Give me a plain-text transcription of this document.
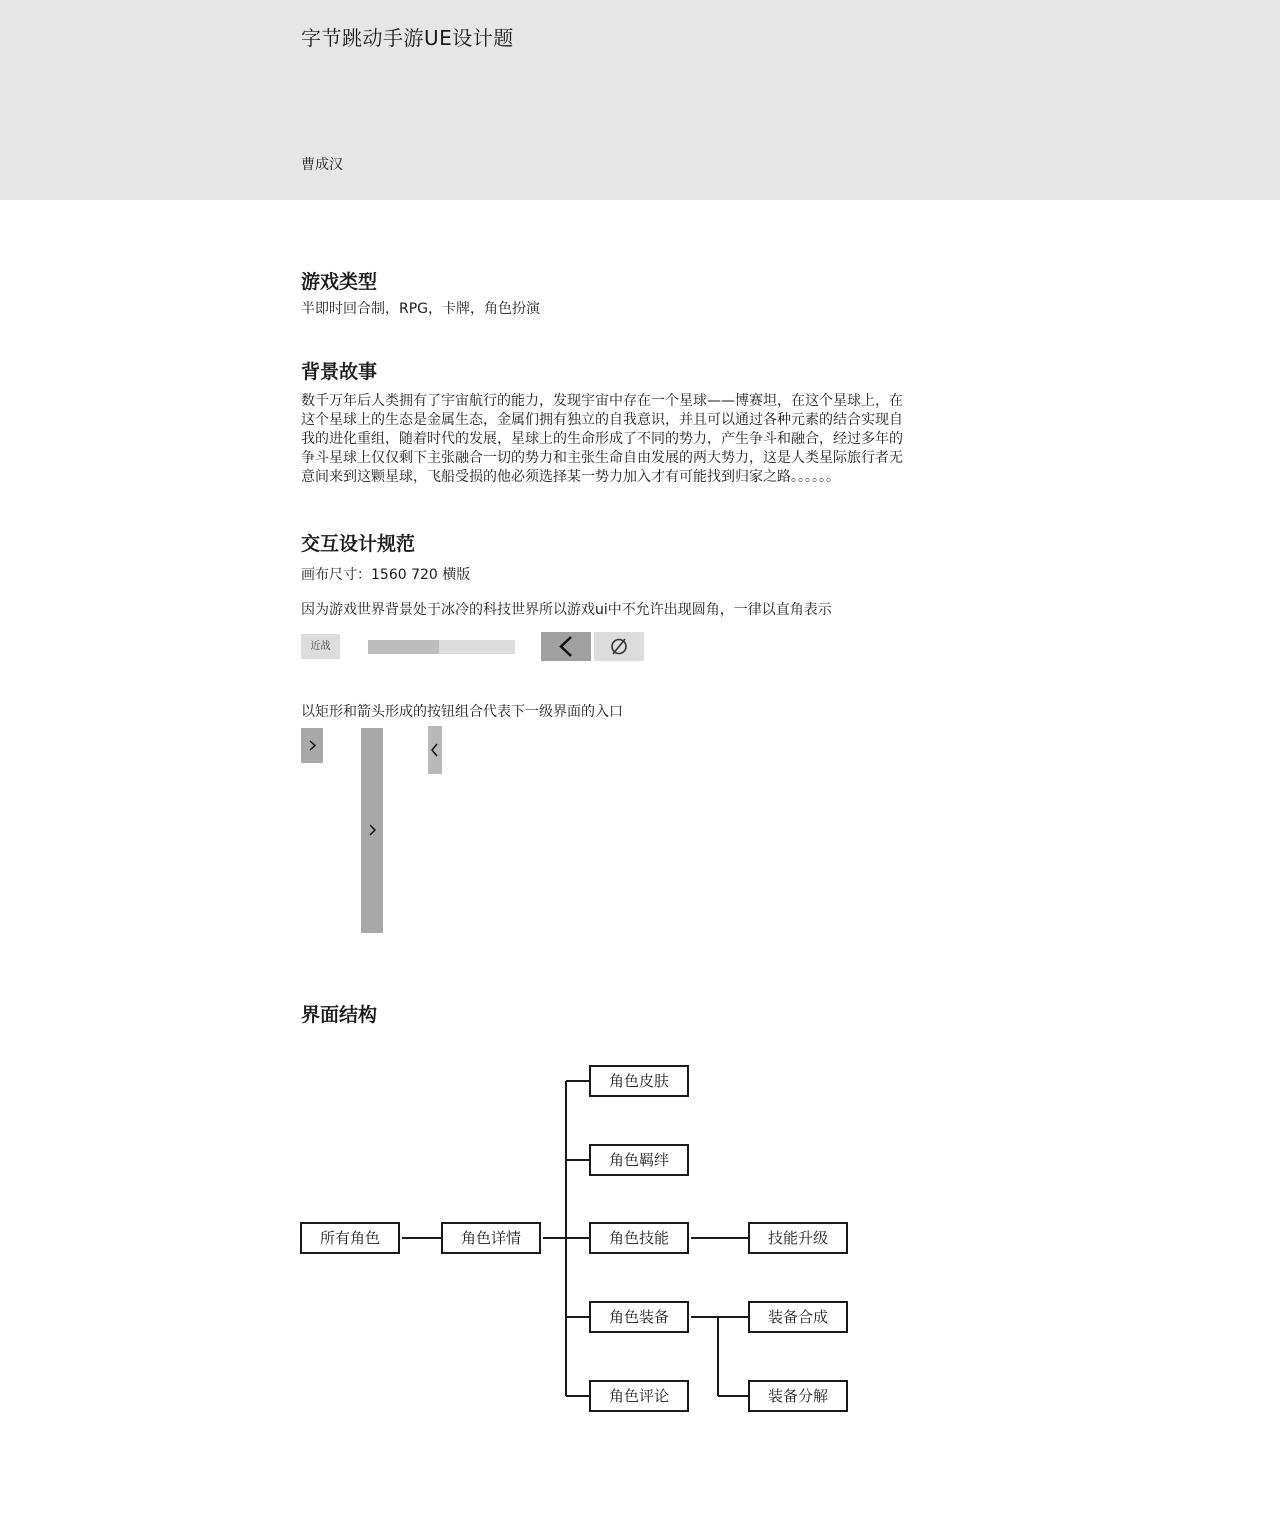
字节跳动手游UE设计题
曹成汉
游戏类型
半即时回合制，RPG，卡牌，角色扮演
背景故事
数千万年后人类拥有了宇宙航行的能力，发现宇宙中存在一个星球——博赛坦，在这个星球上，在
这个星球上的生态是金属生态，金属们拥有独立的自我意识，并且可以通过各种元素的结合实现自
我的进化重组，随着时代的发展，星球上的生命形成了不同的势力，产生争斗和融合，经过多年的
争斗星球上仅仅剩下主张融合一切的势力和主张生命自由发展的两大势力，这是人类星际旅行者无
意间来到这颗星球，飞船受损的他必须选择某一势力加入才有可能找到归家之路。。。。。。
交互设计规范
画布尺寸：1560 720 横版
因为游戏世界背景处于冰冷的科技世界所以游戏ui中不允许出现圆角，一律以直角表示
近战
以矩形和箭头形成的按钮组合代表下一级界面的入口
界面结构
所有角色	角色详情
角色皮肤
角色羁绊
角色技能
角色装备
角色评论
技能升级
装备合成
装备分解
